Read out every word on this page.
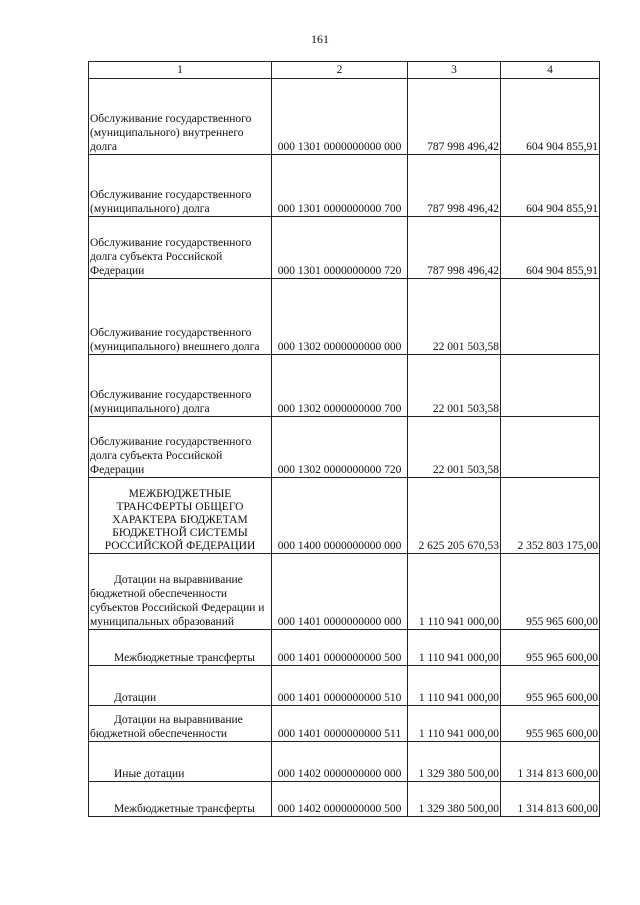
161
1	2	3	4
Обслуживание государственного (муниципального) внутреннего долга	000 1301 0000000000 000	787 998 496,42	604 904 855,91
Обслуживание государственного (муниципального) долга	000 1301 0000000000 700	787 998 496,42	604 904 855,91
Обслуживание государственного долга субъекта Российской Федерации	000 1301 0000000000 720	787 998 496,42	604 904 855,91
Обслуживание государственного (муниципального) внешнего долга	000 1302 0000000000 000	22 001 503,58	
Обслуживание государственного (муниципального) долга	000 1302 0000000000 700	22 001 503,58	
Обслуживание государственного долга субъекта Российской Федерации	000 1302 0000000000 720	22 001 503,58	
МЕЖБЮДЖЕТНЫЕ ТРАНСФЕРТЫ ОБЩЕГО ХАРАКТЕРА БЮДЖЕТАМ БЮДЖЕТНОЙ СИСТЕМЫ РОССИЙСКОЙ ФЕДЕРАЦИИ	000 1400 0000000000 000	2 625 205 670,53	2 352 803 175,00
Дотации на выравнивание бюджетной обеспеченности субъектов Российской Федерации и муниципальных образований	000 1401 0000000000 000	1 110 941 000,00	955 965 600,00
Межбюджетные трансферты	000 1401 0000000000 500	1 110 941 000,00	955 965 600,00
Дотации	000 1401 0000000000 510	1 110 941 000,00	955 965 600,00
Дотации на выравнивание бюджетной обеспеченности	000 1401 0000000000 511	1 110 941 000,00	955 965 600,00
Иные дотации	000 1402 0000000000 000	1 329 380 500,00	1 314 813 600,00
Межбюджетные трансферты	000 1402 0000000000 500	1 329 380 500,00	1 314 813 600,00
